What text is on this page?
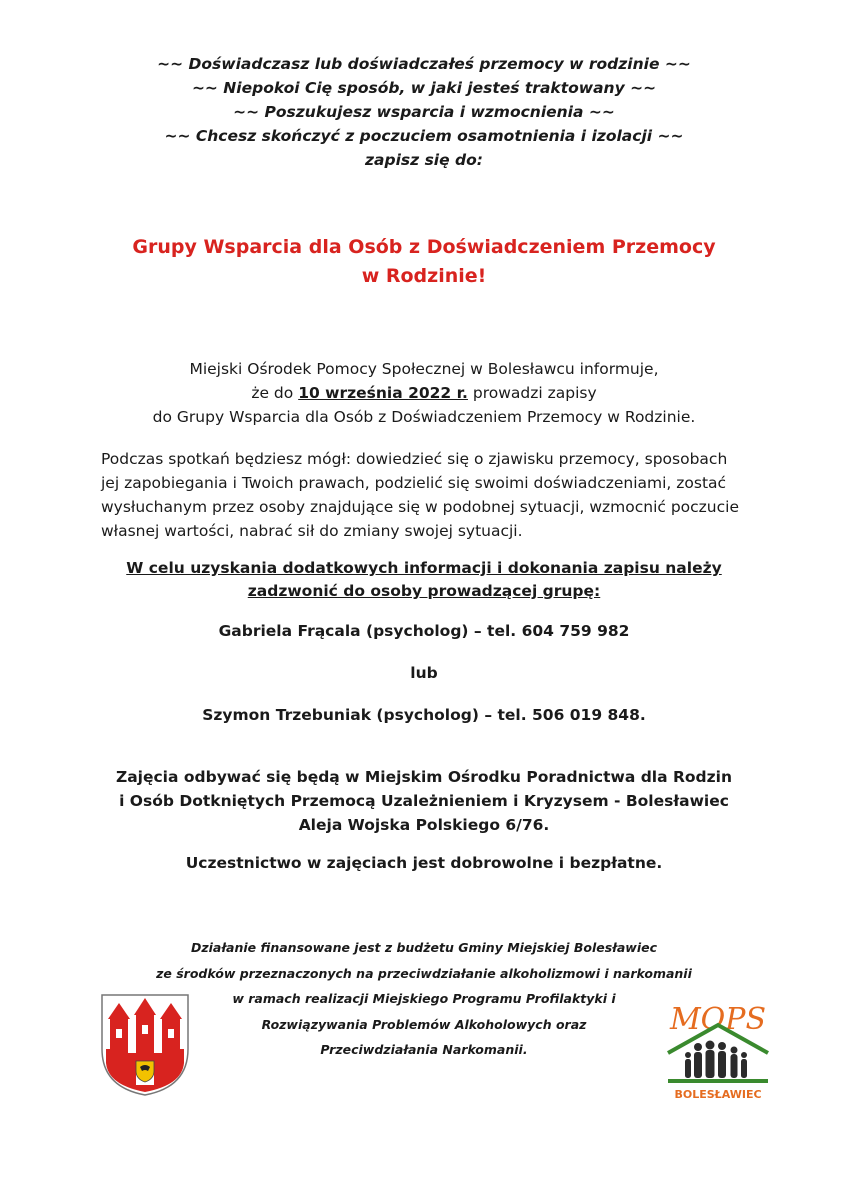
~~ Doświadczasz lub doświadczałeś przemocy w rodzinie ~~
~~ Niepokoi Cię sposób, w jaki jesteś traktowany ~~
~~ Poszukujesz wsparcia i wzmocnienia ~~
~~ Chcesz skończyć z poczuciem osamotnienia i izolacji ~~
zapisz się do:
Grupy Wsparcia dla Osób z Doświadczeniem Przemocy
w Rodzinie!
Miejski Ośrodek Pomocy Społecznej w Bolesławcu informuje,
że do 10 września 2022 r. prowadzi zapisy
do Grupy Wsparcia dla Osób z Doświadczeniem Przemocy w Rodzinie.
Podczas spotkań będziesz mógł: dowiedzieć się o zjawisku przemocy, sposobach
jej zapobiegania i Twoich prawach, podzielić się swoimi doświadczeniami, zostać
wysłuchanym przez osoby znajdujące się w podobnej sytuacji, wzmocnić poczucie
własnej wartości, nabrać sił do zmiany swojej sytuacji.
W celu uzyskania dodatkowych informacji i dokonania zapisu należy
zadzwonić do osoby prowadzącej grupę:
Gabriela Frącala (psycholog) – tel. 604 759 982
lub
Szymon Trzebuniak (psycholog) – tel. 506 019 848.
Zajęcia odbywać się będą w Miejskim Ośrodku Poradnictwa dla Rodzin
i Osób Dotkniętych Przemocą Uzależnieniem i Kryzysem - Bolesławiec
Aleja Wojska Polskiego 6/76.
Uczestnictwo w zajęciach jest dobrowolne i bezpłatne.
Działanie finansowane jest z budżetu Gminy Miejskiej Bolesławiec
ze środków przeznaczonych na przeciwdziałanie alkoholizmowi i narkomanii
w ramach realizacji Miejskiego Programu Profilaktyki i
Rozwiązywania Problemów Alkoholowych oraz
Przeciwdziałania Narkomanii.
MOPS
BOLESŁAWIEC
